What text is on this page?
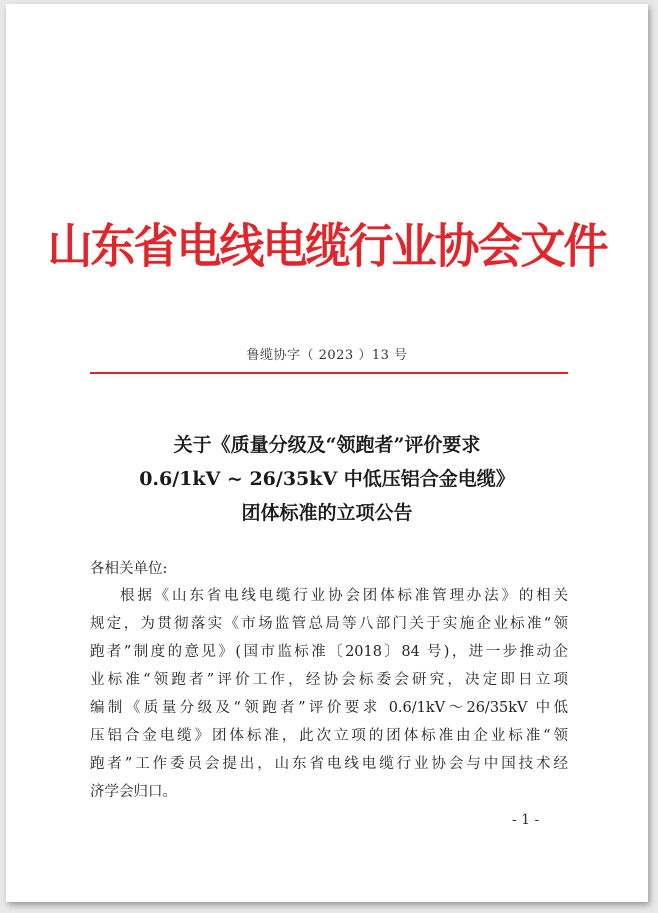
山东省电线电缆行业协会文件
鲁缆协字（ 2023 ）13 号
关于《质量分级及“领跑者”评价要求
0.6/1kV ~ 26/35kV 中低压铝合金电缆》
团体标准的立项公告
各相关单位:
根据《山东省电线电缆行业协会团体标准管理办法》的相关
规定，为贯彻落实《市场监管总局等八部门关于实施企业标准“领
跑者”制度的意见》(国市监标准〔2018〕84 号)，进一步推动企
业标准“领跑者”评价工作，经协会标委会研究，决定即日立项
编制《质量分级及“领跑者”评价要求 0.6/1kV～26/35kV 中低
压铝合金电缆》团体标准，此次立项的团体标准由企业标准“领
跑者”工作委员会提出，山东省电线电缆行业协会与中国技术经
济学会归口。
- 1 -
